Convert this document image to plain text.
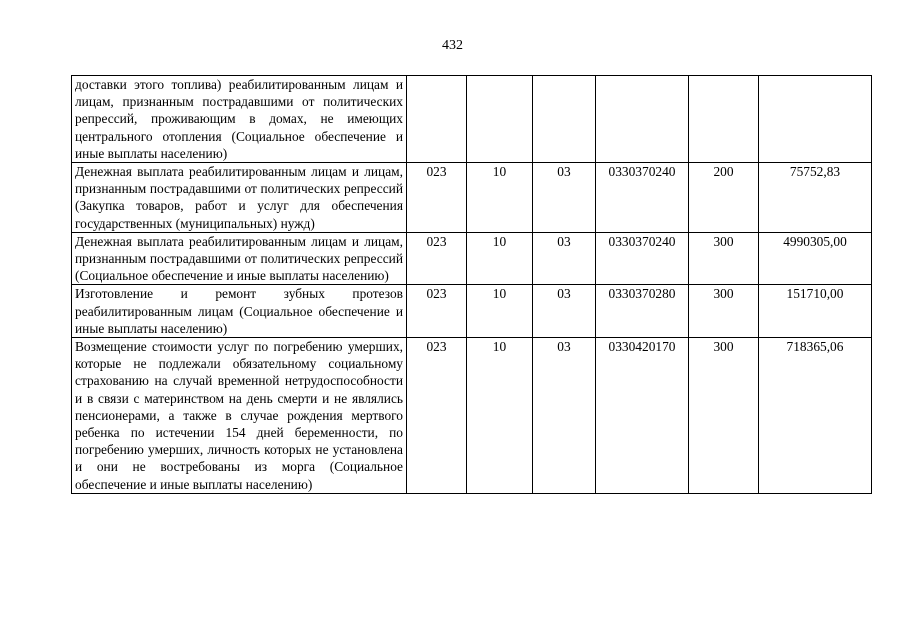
432
доставки этого топлива) реабилитированным лицам и лицам, признанным пострадавшими от политических репрессий, проживающим в домах, не имеющих центрального отопления (Социальное обеспечение и иные выплаты населению)						
Денежная выплата реабилитированным лицам и лицам, признанным пострадавшими от политических репрессий (Закупка товаров, работ и услуг для обеспечения государственных (муниципальных) нужд)	023	10	03	0330370240	200	75752,83
Денежная выплата реабилитированным лицам и лицам, признанным пострадавшими от политических репрессий (Социальное обеспечение и иные выплаты населению)	023	10	03	0330370240	300	4990305,00
Изготовление и ремонт зубных протезов реабилитированным лицам (Социальное обеспечение и иные выплаты населению)	023	10	03	0330370280	300	151710,00
Возмещение стоимости услуг по погребению умерших, которые не подлежали обязательному социальному страхованию на случай временной нетрудоспособности и в связи с материнством на день смерти и не являлись пенсионерами, а также в случае рождения мертвого ребенка по истечении 154 дней беременности, по погребению умерших, личность которых не установлена и они не востребованы из морга (Социальное обеспечение и иные выплаты населению)	023	10	03	0330420170	300	718365,06
